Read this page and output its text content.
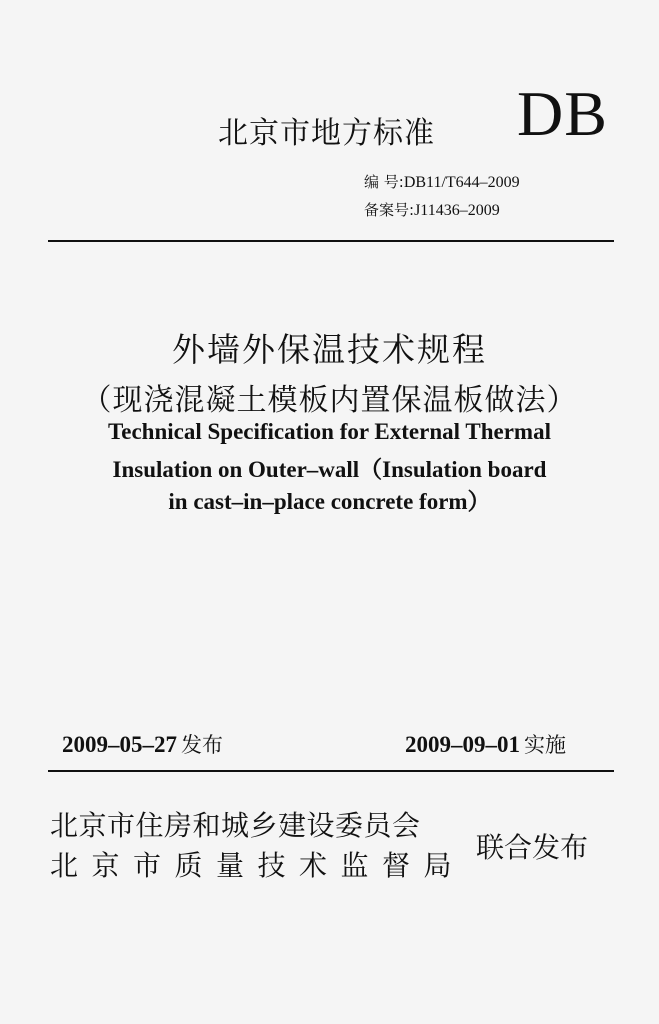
北京市地方标准 DB
编 号: DB11/T644–2009
备案号: J11436–2009
外墙外保温技术规程
（现浇混凝土模板内置保温板做法）
Technical Specification for External Thermal
Insulation on Outer–wall（Insulation board
in cast–in–place concrete form）
2009–05–27 发布	2009–09–01 实施
北京市住房和城乡建设委员会
北京市质量技术监督局
联合发布
